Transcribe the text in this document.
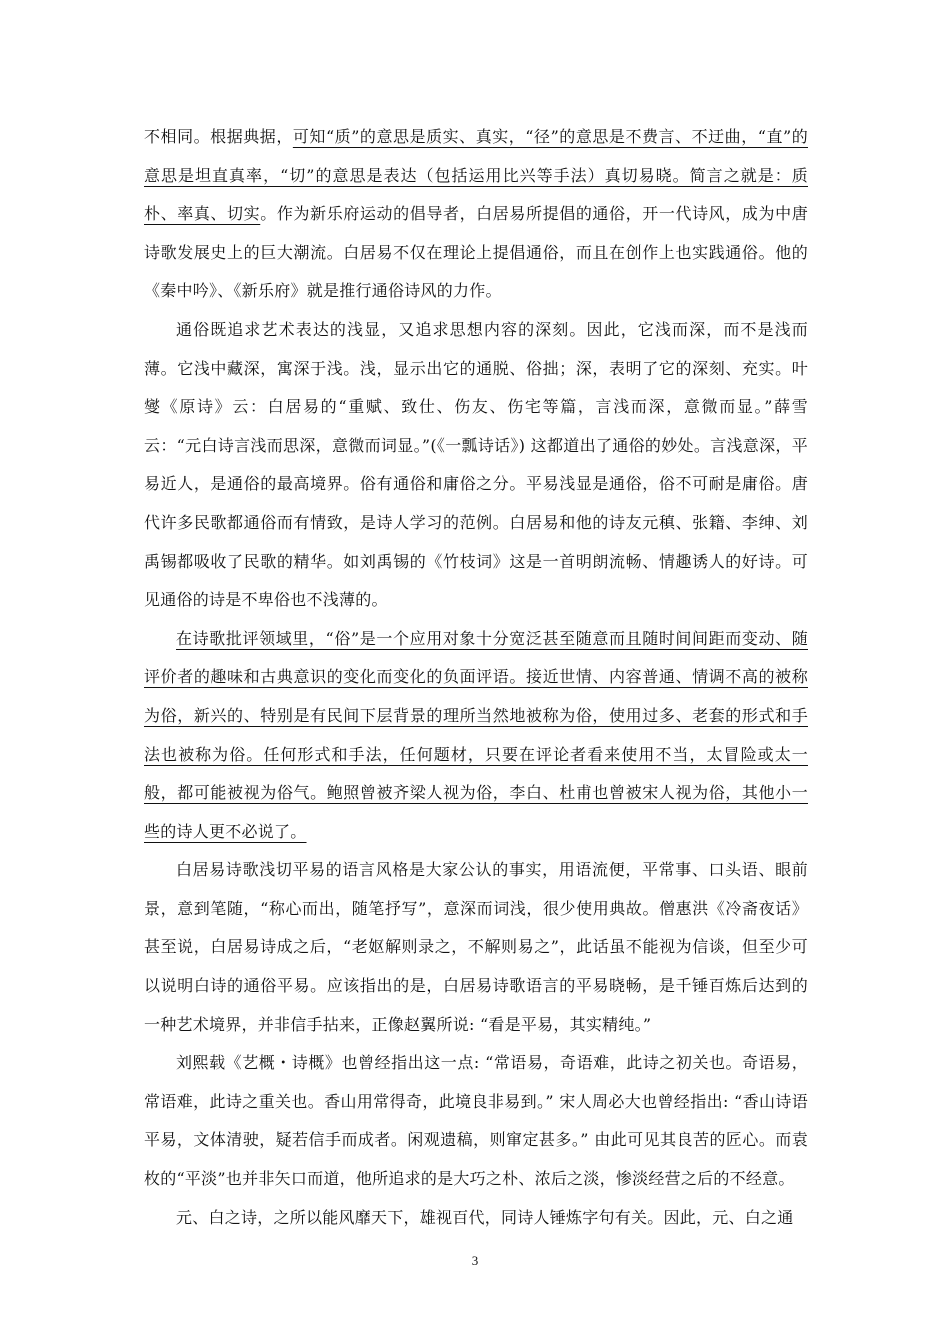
不相同。根据典据，可知“质”的意思是质实、真实，“径”的意思是不费言、不迂曲，“直”的意思是坦直真率，“切”的意思是表达（包括运用比兴等手法）真切易晓。简言之就是：质朴、率真、切实。作为新乐府运动的倡导者，白居易所提倡的通俗，开一代诗风，成为中唐诗歌发展史上的巨大潮流。白居易不仅在理论上提倡通俗，而且在创作上也实践通俗。他的《秦中吟》、《新乐府》就是推行通俗诗风的力作。

通俗既追求艺术表达的浅显，又追求思想内容的深刻。因此，它浅而深，而不是浅而薄。它浅中藏深，寓深于浅。浅，显示出它的通脱、俗拙；深，表明了它的深刻、充实。叶燮《原诗》云：白居易的“重赋、致仕、伤友、伤宅等篇，言浅而深，意微而显。”薛雪云：“元白诗言浅而思深，意微而词显。”(《一瓢诗话》) 这都道出了通俗的妙处。言浅意深，平易近人，是通俗的最高境界。俗有通俗和庸俗之分。平易浅显是通俗，俗不可耐是庸俗。唐代许多民歌都通俗而有情致，是诗人学习的范例。白居易和他的诗友元稹、张籍、李绅、刘禹锡都吸收了民歌的精华。如刘禹锡的《竹枝词》这是一首明朗流畅、情趣诱人的好诗。可见通俗的诗是不卑俗也不浅薄的。

在诗歌批评领域里，“俗”是一个应用对象十分宽泛甚至随意而且随时间间距而变动、随评价者的趣味和古典意识的变化而变化的负面评语。接近世情、内容普通、情调不高的被称为俗，新兴的、特别是有民间下层背景的理所当然地被称为俗，使用过多、老套的形式和手法也被称为俗。任何形式和手法，任何题材，只要在评论者看来使用不当，太冒险或太一般，都可能被视为俗气。鲍照曾被齐梁人视为俗，李白、杜甫也曾被宋人视为俗，其他小一些的诗人更不必说了。

白居易诗歌浅切平易的语言风格是大家公认的事实，用语流便，平常事、口头语、眼前景，意到笔随，“称心而出，随笔抒写”，意深而词浅，很少使用典故。僧惠洪《冷斋夜话》甚至说，白居易诗成之后，“老妪解则录之，不解则易之”，此话虽不能视为信谈，但至少可以说明白诗的通俗平易。应该指出的是，白居易诗歌语言的平易晓畅，是千锤百炼后达到的一种艺术境界，并非信手拈来，正像赵翼所说: “看是平易，其实精纯。”

刘熙载《艺概・诗概》也曾经指出这一点: “常语易，奇语难，此诗之初关也。奇语易，常语难，此诗之重关也。香山用常得奇，此境良非易到。” 宋人周必大也曾经指出: “香山诗语平易，文体清驶，疑若信手而成者。闲观遗稿，则窜定甚多。” 由此可见其良苦的匠心。而袁枚的“平淡”也并非矢口而道，他所追求的是大巧之朴、浓后之淡，惨淡经营之后的不经意。

元、白之诗，之所以能风靡天下，雄视百代，同诗人锤炼字句有关。因此，元、白之通

3
